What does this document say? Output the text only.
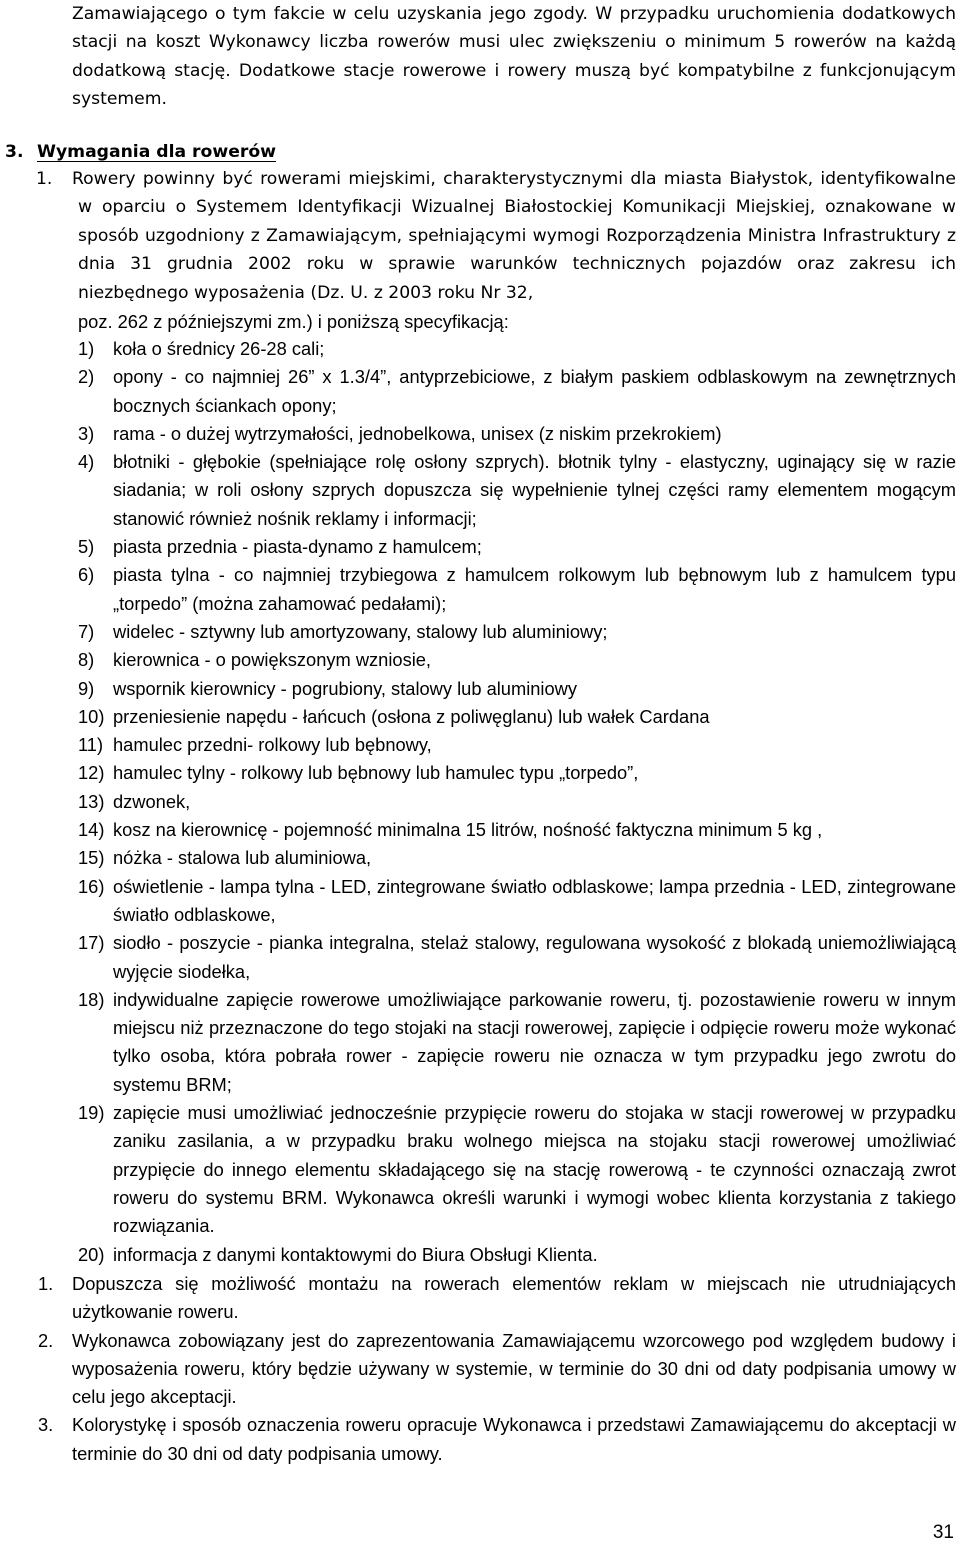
Zamawiającego o tym fakcie w celu uzyskania jego zgody. W przypadku uruchomienia dodatkowych stacji na koszt Wykonawcy liczba rowerów musi ulec zwiększeniu o minimum 5 rowerów na każdą dodatkową stację. Dodatkowe stacje rowerowe i rowery muszą być kompatybilne z funkcjonującym systemem.

3. Wymagania dla rowerów

1. Rowery powinny być rowerami miejskimi, charakterystycznymi dla miasta Białystok, identyfikowalne w oparciu o Systemem Identyfikacji Wizualnej Białostockiej Komunikacji Miejskiej, oznakowane w sposób uzgodniony z Zamawiającym, spełniającymi wymogi Rozporządzenia Ministra Infrastruktury z dnia 31 grudnia 2002 roku w sprawie warunków technicznych pojazdów oraz zakresu ich niezbędnego wyposażenia (Dz. U. z 2003 roku Nr 32,

poz. 262 z późniejszymi zm.) i poniższą specyfikacją:

1) koła o średnicy 26-28 cali;
2) opony - co najmniej 26” x 1.3/4”, antyprzebiciowe, z białym paskiem odblaskowym na zewnętrznych bocznych ściankach opony;
3) rama - o dużej wytrzymałości, jednobelkowa, unisex (z niskim przekrokiem)
4) błotniki - głębokie (spełniające rolę osłony szprych). błotnik tylny - elastyczny, uginający się w razie siadania; w roli osłony szprych dopuszcza się wypełnienie tylnej części ramy elementem mogącym stanowić również nośnik reklamy i informacji;
5) piasta przednia - piasta-dynamo z hamulcem;
6) piasta tylna - co najmniej trzybiegowa z hamulcem rolkowym lub bębnowym lub z hamulcem typu „torpedo” (można zahamować pedałami);
7) widelec - sztywny lub amortyzowany, stalowy lub aluminiowy;
8) kierownica - o powiększonym wzniosie,
9) wspornik kierownicy - pogrubiony, stalowy lub aluminiowy
10) przeniesienie napędu - łańcuch (osłona z poliwęglanu) lub wałek Cardana
11) hamulec przedni- rolkowy lub bębnowy,
12) hamulec tylny - rolkowy lub bębnowy lub hamulec typu „torpedo”,
13) dzwonek,
14) kosz na kierownicę - pojemność minimalna 15 litrów, nośność faktyczna minimum 5 kg ,
15) nóżka - stalowa lub aluminiowa,
16) oświetlenie - lampa tylna - LED, zintegrowane światło odblaskowe; lampa przednia - LED, zintegrowane światło odblaskowe,
17) siodło - poszycie - pianka integralna, stelaż stalowy, regulowana wysokość z blokadą uniemożliwiającą wyjęcie siodełka,
18) indywidualne zapięcie rowerowe umożliwiające parkowanie roweru, tj. pozostawienie roweru w innym miejscu niż przeznaczone do tego stojaki na stacji rowerowej, zapięcie i odpięcie roweru może wykonać tylko osoba, która pobrała rower - zapięcie roweru nie oznacza w tym przypadku jego zwrotu do systemu BRM;
19) zapięcie musi umożliwiać jednocześnie przypięcie roweru do stojaka w stacji rowerowej w przypadku zaniku zasilania, a w przypadku braku wolnego miejsca na stojaku stacji rowerowej umożliwiać przypięcie do innego elementu składającego się na stację rowerową - te czynności oznaczają zwrot roweru do systemu BRM. Wykonawca określi warunki i wymogi wobec klienta korzystania z takiego rozwiązania.
20) informacja z danymi kontaktowymi do Biura Obsługi Klienta.
1. Dopuszcza się możliwość montażu na rowerach elementów reklam w miejscach nie utrudniających użytkowanie roweru.
2. Wykonawca zobowiązany jest do zaprezentowania Zamawiającemu wzorcowego pod względem budowy i wyposażenia roweru, który będzie używany w systemie, w terminie do 30 dni od daty podpisania umowy w celu jego akceptacji.
3. Kolorystykę i sposób oznaczenia roweru opracuje Wykonawca i przedstawi Zamawiającemu do akceptacji w terminie do 30 dni od daty podpisania umowy.
31
